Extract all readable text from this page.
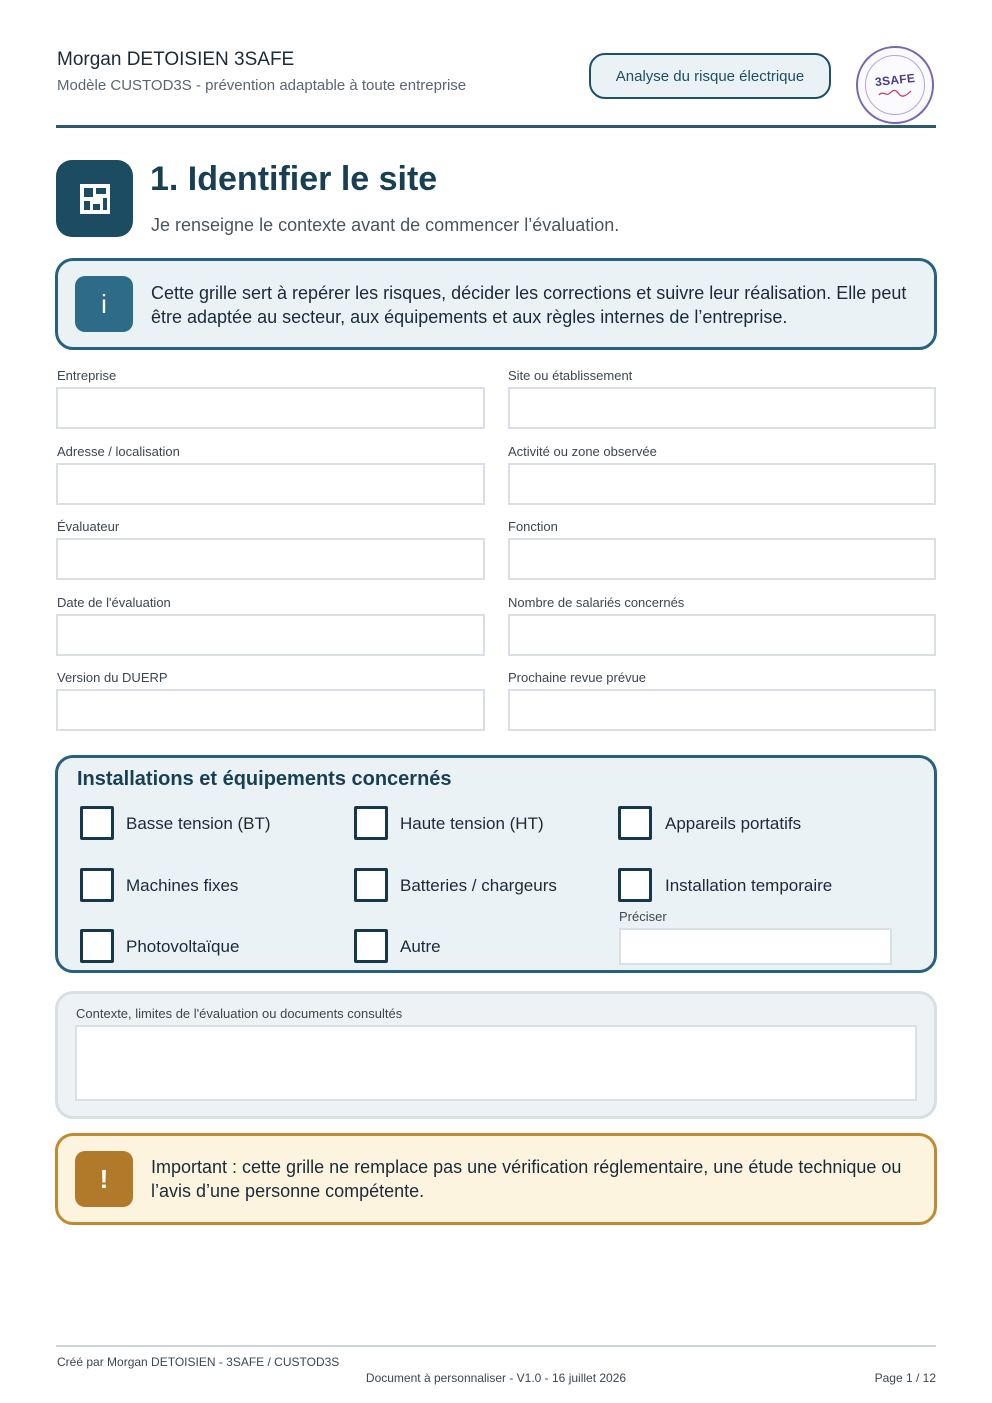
Morgan DETOISIEN 3SAFE
Modèle CUSTOD3S - prévention adaptable à toute entreprise
Analyse du risque électrique	3SAFE
1. Identifier le site
Je renseigne le contexte avant de commencer l’évaluation.
i	Cette grille sert à repérer les risques, décider les corrections et suivre leur réalisation. Elle peut être adaptée au secteur, aux équipements et aux règles internes de l’entreprise.
Entreprise	Site ou établissement
Adresse / localisation	Activité ou zone observée
Évaluateur	Fonction
Date de l'évaluation	Nombre de salariés concernés
Version du DUERP	Prochaine revue prévue
Installations et équipements concernés
Basse tension (BT)	Haute tension (HT)	Appareils portatifs
Machines fixes	Batteries / chargeurs	Installation temporaire
Photovoltaïque	Autre
Préciser
Contexte, limites de l'évaluation ou documents consultés
!	Important : cette grille ne remplace pas une vérification réglementaire, une étude technique ou l’avis d’une personne compétente.
Créé par Morgan DETOISIEN - 3SAFE / CUSTOD3S
Document à personnaliser - V1.0 - 16 juillet 2026	Page 1 / 12
